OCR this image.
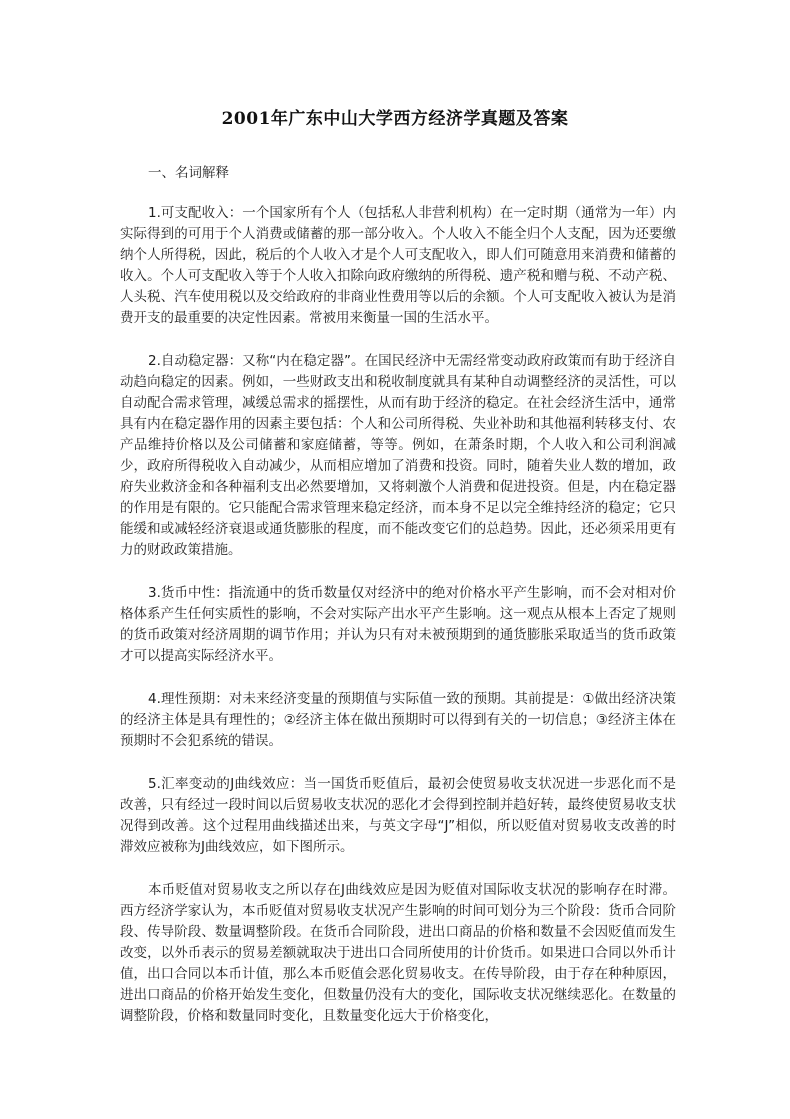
2001年广东中山大学西方经济学真题及答案
一、名词解释

1.可支配收入：一个国家所有个人（包括私人非营利机构）在一定时期（通常为一年）内实际得到的可用于个人消费或储蓄的那一部分收入。个人收入不能全归个人支配，因为还要缴纳个人所得税，因此，税后的个人收入才是个人可支配收入，即人们可随意用来消费和储蓄的收入。个人可支配收入等于个人收入扣除向政府缴纳的所得税、遗产税和赠与税、不动产税、人头税、汽车使用税以及交给政府的非商业性费用等以后的余额。个人可支配收入被认为是消费开支的最重要的决定性因素。常被用来衡量一国的生活水平。

2.自动稳定器：又称“内在稳定器”。在国民经济中无需经常变动政府政策而有助于经济自动趋向稳定的因素。例如，一些财政支出和税收制度就具有某种自动调整经济的灵活性，可以自动配合需求管理，减缓总需求的摇摆性，从而有助于经济的稳定。在社会经济生活中，通常具有内在稳定器作用的因素主要包括：个人和公司所得税、失业补助和其他福利转移支付、农产品维持价格以及公司储蓄和家庭储蓄，等等。例如，在萧条时期，个人收入和公司利润减少，政府所得税收入自动减少，从而相应增加了消费和投资。同时，随着失业人数的增加，政府失业救济金和各种福利支出必然要增加，又将刺激个人消费和促进投资。但是，内在稳定器的作用是有限的。它只能配合需求管理来稳定经济，而本身不足以完全维持经济的稳定；它只能缓和或减轻经济衰退或通货膨胀的程度，而不能改变它们的总趋势。因此，还必须采用更有力的财政政策措施。

3.货币中性：指流通中的货币数量仅对经济中的绝对价格水平产生影响，而不会对相对价格体系产生任何实质性的影响，不会对实际产出水平产生影响。这一观点从根本上否定了规则的货币政策对经济周期的调节作用；并认为只有对未被预期到的通货膨胀采取适当的货币政策才可以提高实际经济水平。

4.理性预期：对未来经济变量的预期值与实际值一致的预期。其前提是：①做出经济决策的经济主体是具有理性的；②经济主体在做出预期时可以得到有关的一切信息；③经济主体在预期时不会犯系统的错误。

5.汇率变动的J曲线效应：当一国货币贬值后，最初会使贸易收支状况进一步恶化而不是改善，只有经过一段时间以后贸易收支状况的恶化才会得到控制并趋好转，最终使贸易收支状况得到改善。这个过程用曲线描述出来，与英文字母“J”相似，所以贬值对贸易收支改善的时滞效应被称为J曲线效应，如下图所示。

本币贬值对贸易收支之所以存在J曲线效应是因为贬值对国际收支状况的影响存在时滞。西方经济学家认为，本币贬值对贸易收支状况产生影响的时间可划分为三个阶段：货币合同阶段、传导阶段、数量调整阶段。在货币合同阶段，进出口商品的价格和数量不会因贬值而发生改变，以外币表示的贸易差额就取决于进出口合同所使用的计价货币。如果进口合同以外币计值，出口合同以本币计值，那么本币贬值会恶化贸易收支。在传导阶段，由于存在种种原因，进出口商品的价格开始发生变化，但数量仍没有大的变化，国际收支状况继续恶化。在数量的调整阶段，价格和数量同时变化，且数量变化远大于价格变化，
